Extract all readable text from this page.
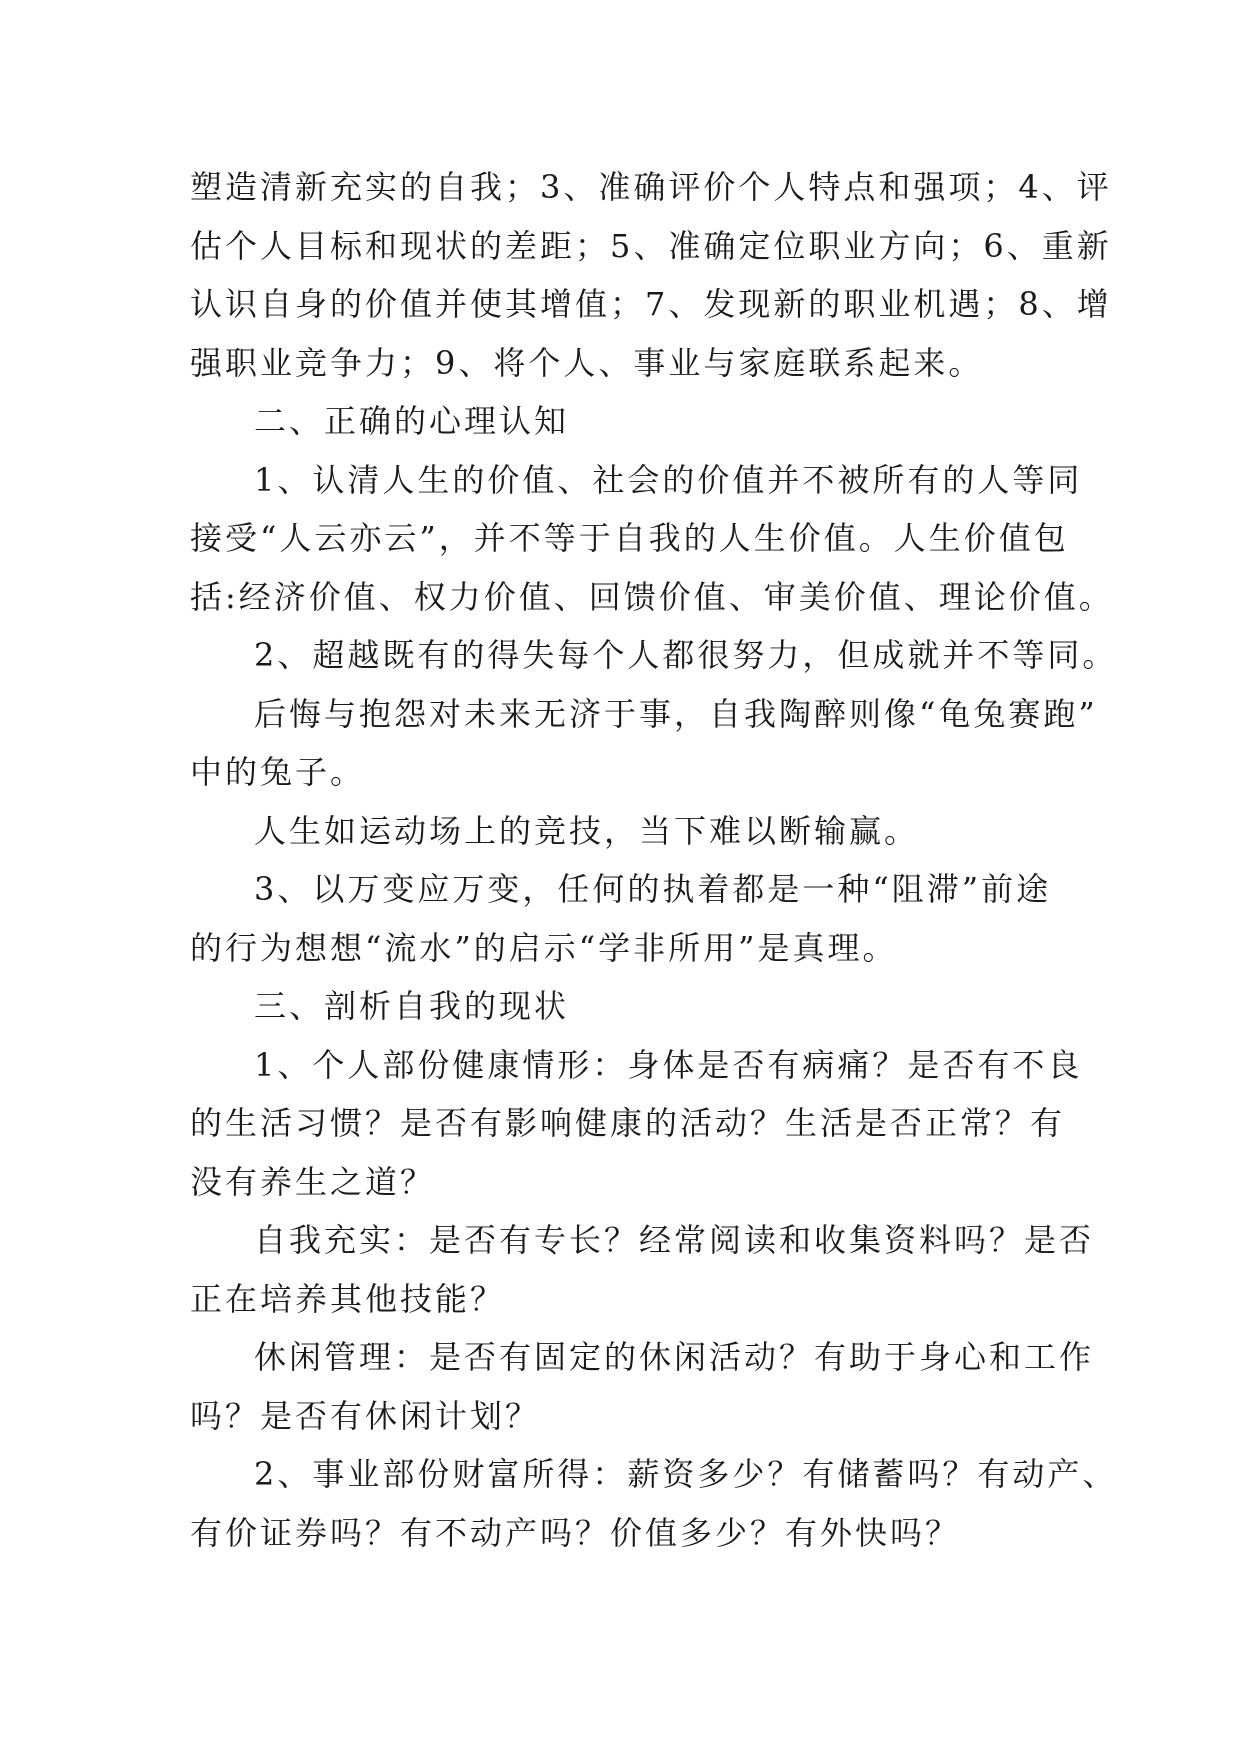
塑造清新充实的自我；3、准确评价个人特点和强项；4、评

估个人目标和现状的差距；5、准确定位职业方向；6、重新

认识自身的价值并使其增值；7、发现新的职业机遇；8、增

强职业竞争力；9、将个人、事业与家庭联系起来。

二、正确的心理认知

1、认清人生的价值、社会的价值并不被所有的人等同

接受“人云亦云”，并不等于自我的人生价值。人生价值包

括:经济价值、权力价值、回馈价值、审美价值、理论价值。

2、超越既有的得失每个人都很努力，但成就并不等同。

后悔与抱怨对未来无济于事，自我陶醉则像“龟兔赛跑”

中的兔子。

人生如运动场上的竞技，当下难以断输赢。

3、以万变应万变，任何的执着都是一种“阻滞”前途

的行为想想“流水”的启示“学非所用”是真理。

三、剖析自我的现状

1、个人部份健康情形：身体是否有病痛？是否有不良

的生活习惯？是否有影响健康的活动？生活是否正常？有

没有养生之道？

自我充实：是否有专长？经常阅读和收集资料吗？是否

正在培养其他技能？

休闲管理：是否有固定的休闲活动？有助于身心和工作

吗？是否有休闲计划？

2、事业部份财富所得：薪资多少？有储蓄吗？有动产、

有价证券吗？有不动产吗？价值多少？有外快吗？
